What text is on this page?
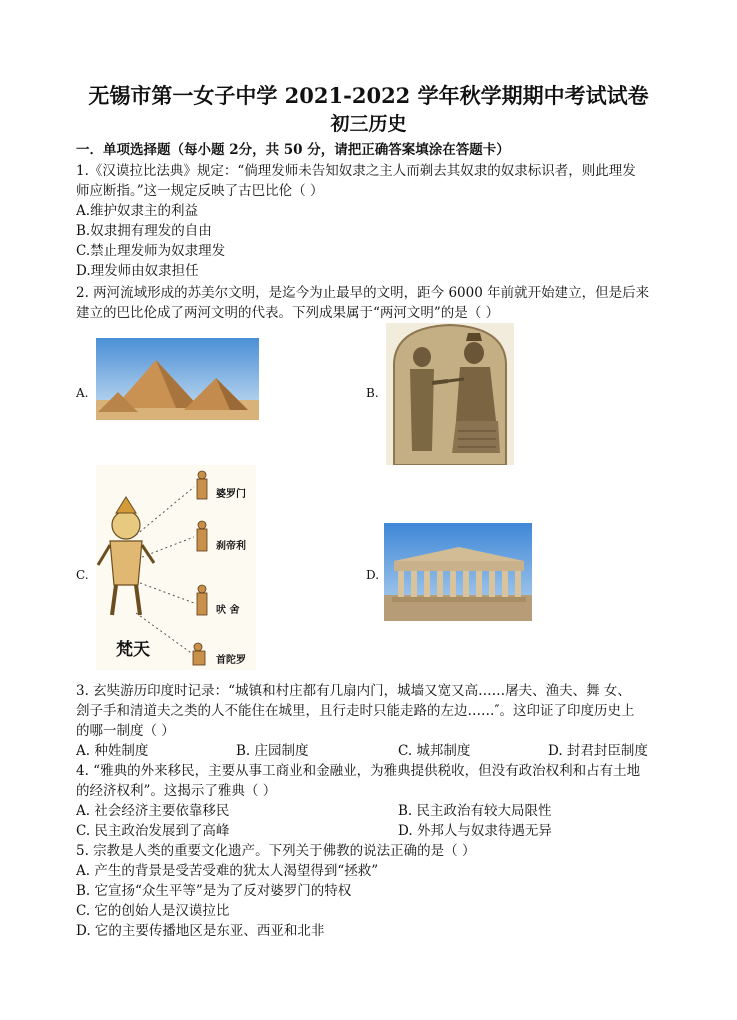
无锡市第一女子中学 2021-2022 学年秋学期期中考试试卷
初三历史
一．单项选择题（每小题 2分，共 50 分，请把正确答案填涂在答题卡）
1.《汉谟拉比法典》规定：“倘理发师未告知奴隶之主人而剃去其奴隶的奴隶标识者，则此理发
师应断指。”这一规定反映了古巴比伦（ ）
A.维护奴隶主的利益
B.奴隶拥有理发的自由
C.禁止理发师为奴隶理发
D.理发师由奴隶担任
2. 两河流域形成的苏美尔文明，是迄今为止最早的文明，距今 6000 年前就开始建立，但是后来
建立的巴比伦成了两河文明的代表。下列成果属于“两河文明”的是（ ）
A.	B.
C.
婆罗门
刹帝利
吠 舍
首陀罗
梵天
D.
3. 玄奘游历印度时记录：“城镇和村庄都有几扇内门，城墙又宽又高……屠夫、渔夫、舞 女、
刽子手和清道夫之类的人不能住在城里，且行走时只能走路的左边……″。这印证了印度历史上
的哪一制度（ ）
A. 种姓制度	B. 庄园制度	C. 城邦制度	D. 封君封臣制度
4. “雅典的外来移民，主要从事工商业和金融业，为雅典提供税收，但没有政治权利和占有土地
的经济权利”。这揭示了雅典（ ）
A. 社会经济主要依靠移民	B. 民主政治有较大局限性
C. 民主政治发展到了高峰	D. 外邦人与奴隶待遇无异
5. 宗教是人类的重要文化遗产。下列关于佛教的说法正确的是（ ）
A. 产生的背景是受苦受难的犹太人渴望得到“拯救”
B. 它宣扬“众生平等”是为了反对婆罗门的特权
C. 它的创始人是汉谟拉比
D. 它的主要传播地区是东亚、西亚和北非
